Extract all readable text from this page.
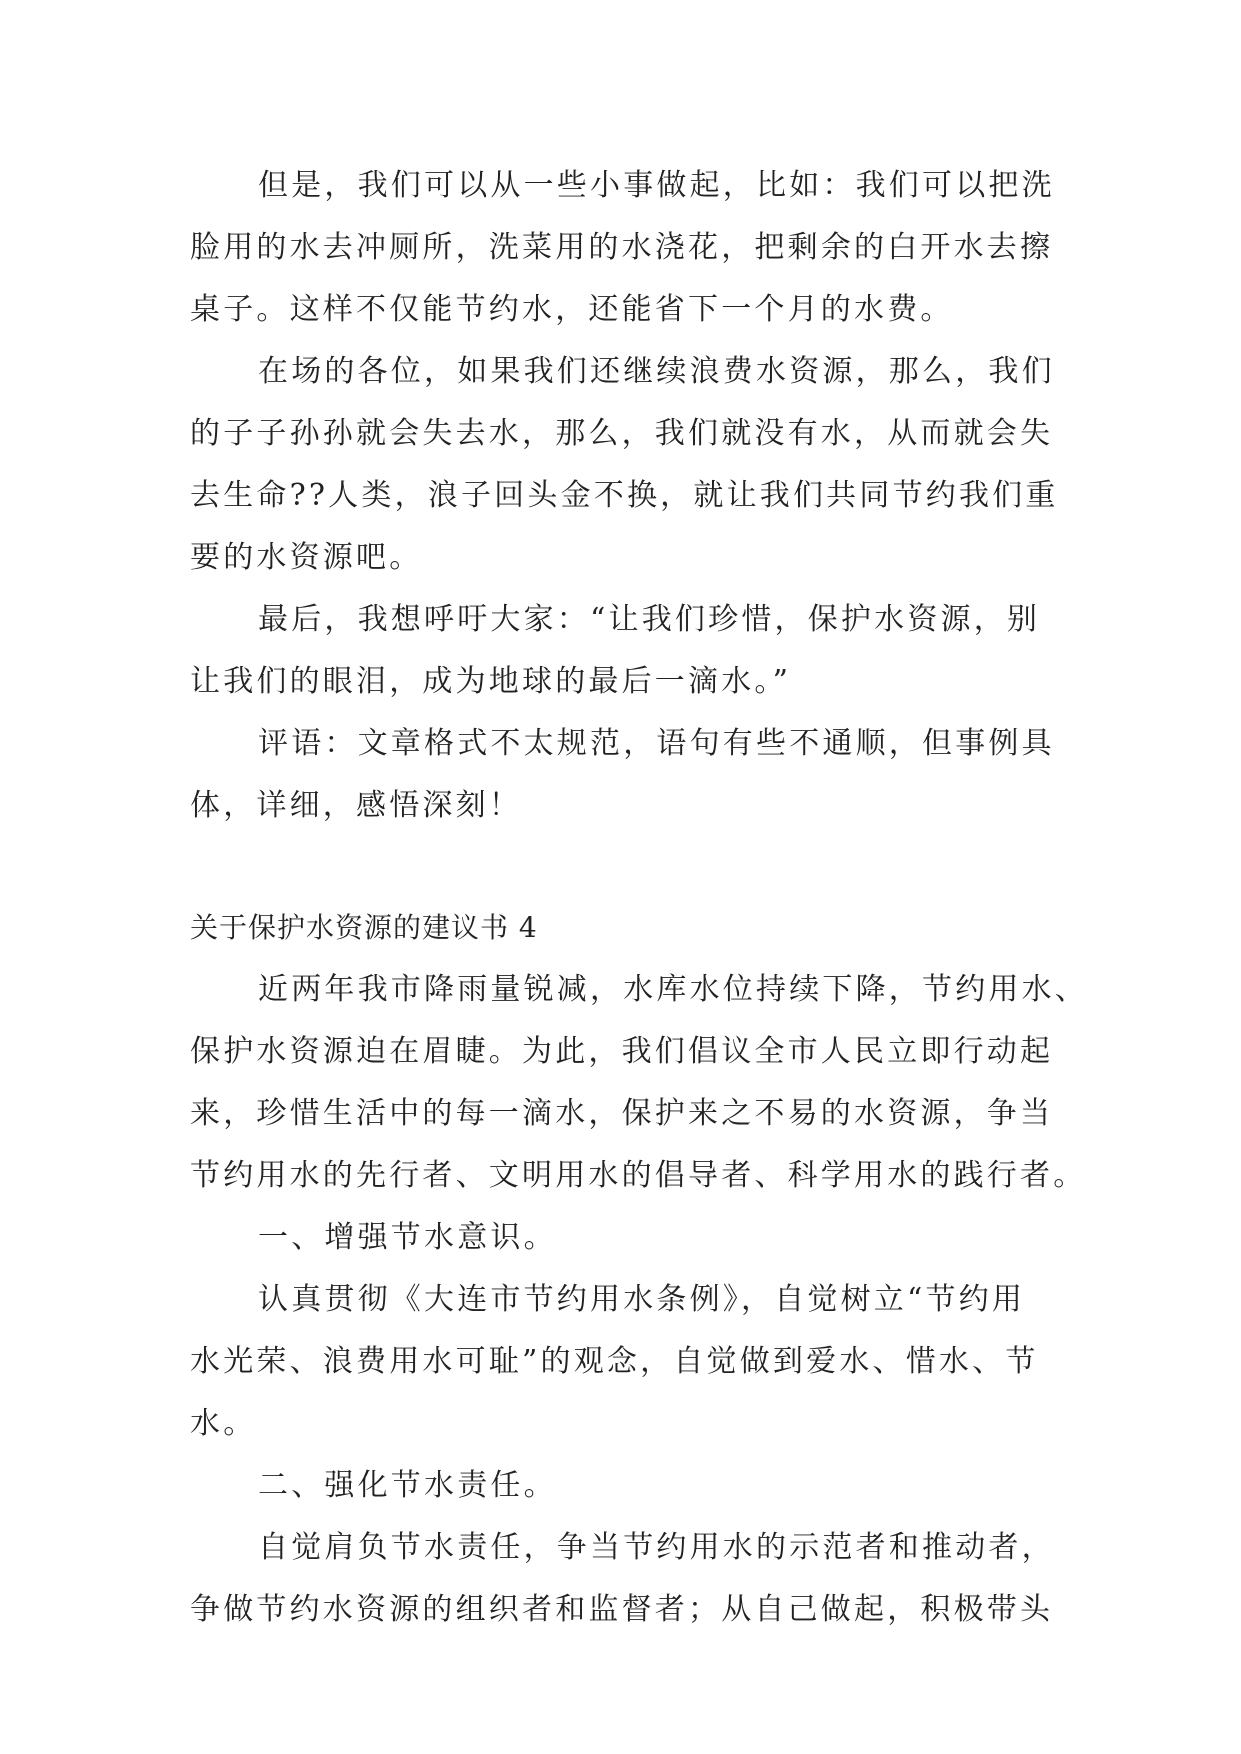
但是，我们可以从一些小事做起，比如：我们可以把洗
脸用的水去冲厕所，洗菜用的水浇花，把剩余的白开水去擦
桌子。这样不仅能节约水，还能省下一个月的水费。
在场的各位，如果我们还继续浪费水资源，那么，我们
的子子孙孙就会失去水，那么，我们就没有水，从而就会失
去生命??人类，浪子回头金不换，就让我们共同节约我们重
要的水资源吧。
最后，我想呼吁大家：“让我们珍惜，保护水资源，别
让我们的眼泪，成为地球的最后一滴水。”
评语：文章格式不太规范，语句有些不通顺，但事例具
体，详细，感悟深刻！
关于保护水资源的建议书 4
近两年我市降雨量锐减，水库水位持续下降，节约用水、
保护水资源迫在眉睫。为此，我们倡议全市人民立即行动起
来，珍惜生活中的每一滴水，保护来之不易的水资源，争当
节约用水的先行者、文明用水的倡导者、科学用水的践行者。
一、增强节水意识。
认真贯彻《大连市节约用水条例》，自觉树立“节约用
水光荣、浪费用水可耻”的观念，自觉做到爱水、惜水、节
水。
二、强化节水责任。
自觉肩负节水责任，争当节约用水的示范者和推动者，
争做节约水资源的组织者和监督者；从自己做起，积极带头
